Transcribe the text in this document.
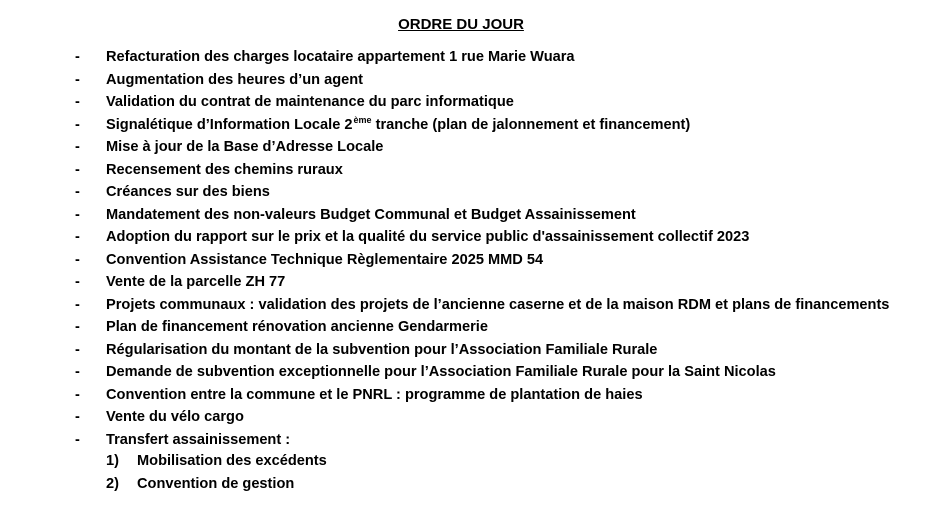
ORDRE DU JOUR
- Refacturation des charges locataire appartement 1 rue Marie Wuara
- Augmentation des heures d’un agent
- Validation du contrat de maintenance du parc informatique
- Signalétique d’Information Locale 2ème tranche (plan de jalonnement et financement)
- Mise à jour de la Base d’Adresse Locale
- Recensement des chemins ruraux
- Créances sur des biens
- Mandatement des non-valeurs Budget Communal et Budget Assainissement
- Adoption du rapport sur le prix et la qualité du service public d'assainissement collectif 2023
- Convention Assistance Technique Règlementaire 2025 MMD 54
- Vente de la parcelle ZH 77
- Projets communaux : validation des projets de l’ancienne caserne et de la maison RDM et plans de financements
- Plan de financement rénovation ancienne Gendarmerie
- Régularisation du montant de la subvention pour l’Association Familiale Rurale
- Demande de subvention exceptionnelle pour l’Association Familiale Rurale pour la Saint Nicolas
- Convention entre la commune et le PNRL : programme de plantation de haies
- Vente du vélo cargo
- Transfert assainissement :
1) Mobilisation des excédents
2) Convention de gestion
